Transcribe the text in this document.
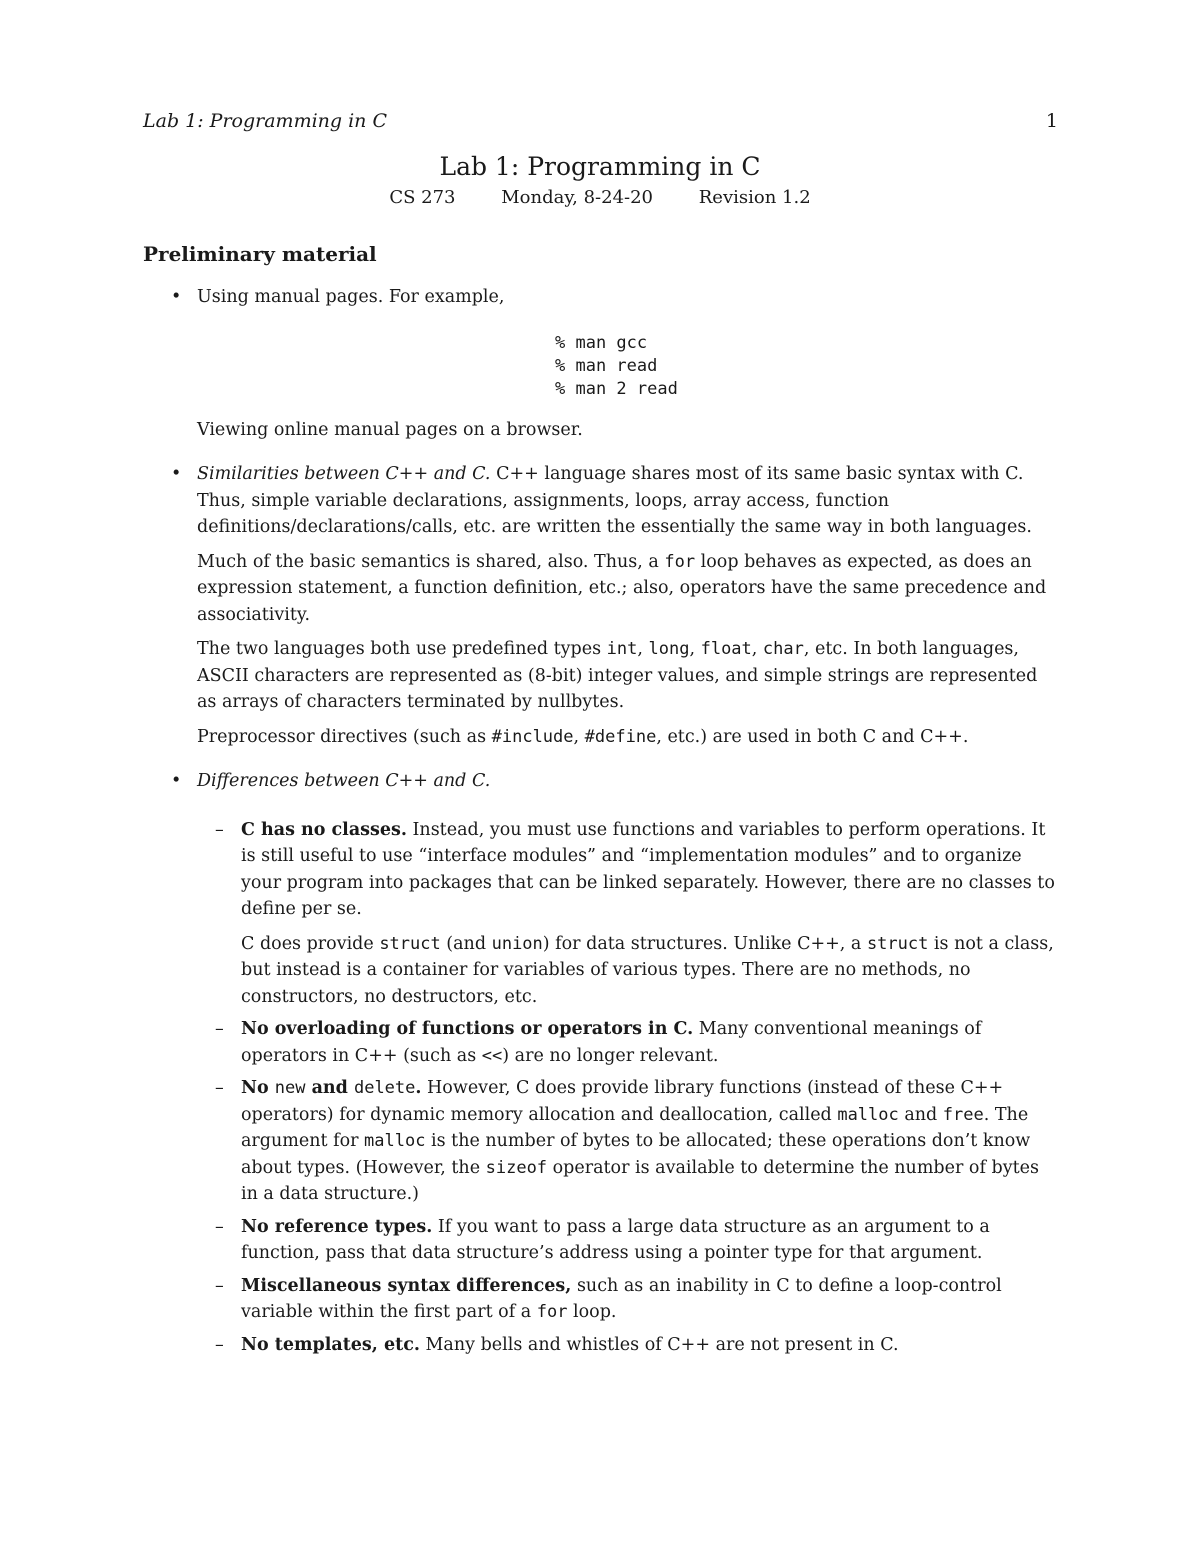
Lab 1: Programming in C	1
Lab 1: Programming in C
CS 273	Monday, 8-24-20	Revision 1.2
Preliminary material
• Using manual pages. For example,

% man gcc
% man read
% man 2 read

Viewing online manual pages on a browser.

• Similarities between C++ and C. C++ language shares most of its same basic syntax with C. Thus, simple variable declarations, assignments, loops, array access, function definitions/declarations/calls, etc. are written the essentially the same way in both languages.

Much of the basic semantics is shared, also. Thus, a for loop behaves as expected, as does an expression statement, a function definition, etc.; also, operators have the same precedence and associativity.

The two languages both use predefined types int, long, float, char, etc. In both languages, ASCII characters are represented as (8-bit) integer values, and simple strings are represented as arrays of characters terminated by nullbytes.

Preprocessor directives (such as #include, #define, etc.) are used in both C and C++.

• Differences between C++ and C.

– C has no classes. Instead, you must use functions and variables to perform operations. It is still useful to use “interface modules” and “implementation modules” and to organize your program into packages that can be linked separately. However, there are no classes to define per se.

C does provide struct (and union) for data structures. Unlike C++, a struct is not a class, but instead is a container for variables of various types. There are no methods, no constructors, no destructors, etc.

– No overloading of functions or operators in C. Many conventional meanings of operators in C++ (such as <<) are no longer relevant.

– No new and delete. However, C does provide library functions (instead of these C++ operators) for dynamic memory allocation and deallocation, called malloc and free. The argument for malloc is the number of bytes to be allocated; these operations don’t know about types. (However, the sizeof operator is available to determine the number of bytes in a data structure.)

– No reference types. If you want to pass a large data structure as an argument to a function, pass that data structure’s address using a pointer type for that argument.

– Miscellaneous syntax differences, such as an inability in C to define a loop-control variable within the first part of a for loop.

– No templates, etc. Many bells and whistles of C++ are not present in C.
